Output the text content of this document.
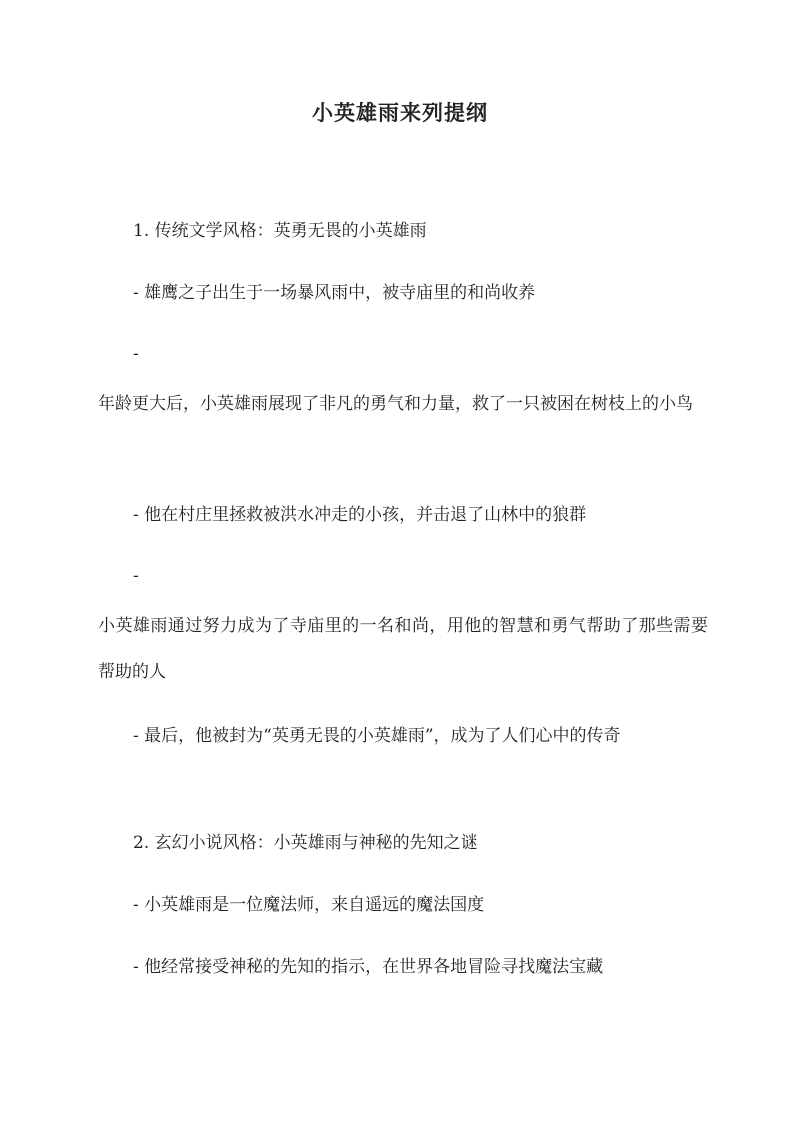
小英雄雨来列提纲
1. 传统文学风格：英勇无畏的小英雄雨
- 雄鹰之子出生于一场暴风雨中，被寺庙里的和尚收养
-
年龄更大后，小英雄雨展现了非凡的勇气和力量，救了一只被困在树枝上的小鸟
- 他在村庄里拯救被洪水冲走的小孩，并击退了山林中的狼群
-
小英雄雨通过努力成为了寺庙里的一名和尚，用他的智慧和勇气帮助了那些需要帮助的人
- 最后，他被封为“英勇无畏的小英雄雨”，成为了人们心中的传奇
2. 玄幻小说风格：小英雄雨与神秘的先知之谜
- 小英雄雨是一位魔法师，来自遥远的魔法国度
- 他经常接受神秘的先知的指示，在世界各地冒险寻找魔法宝藏
